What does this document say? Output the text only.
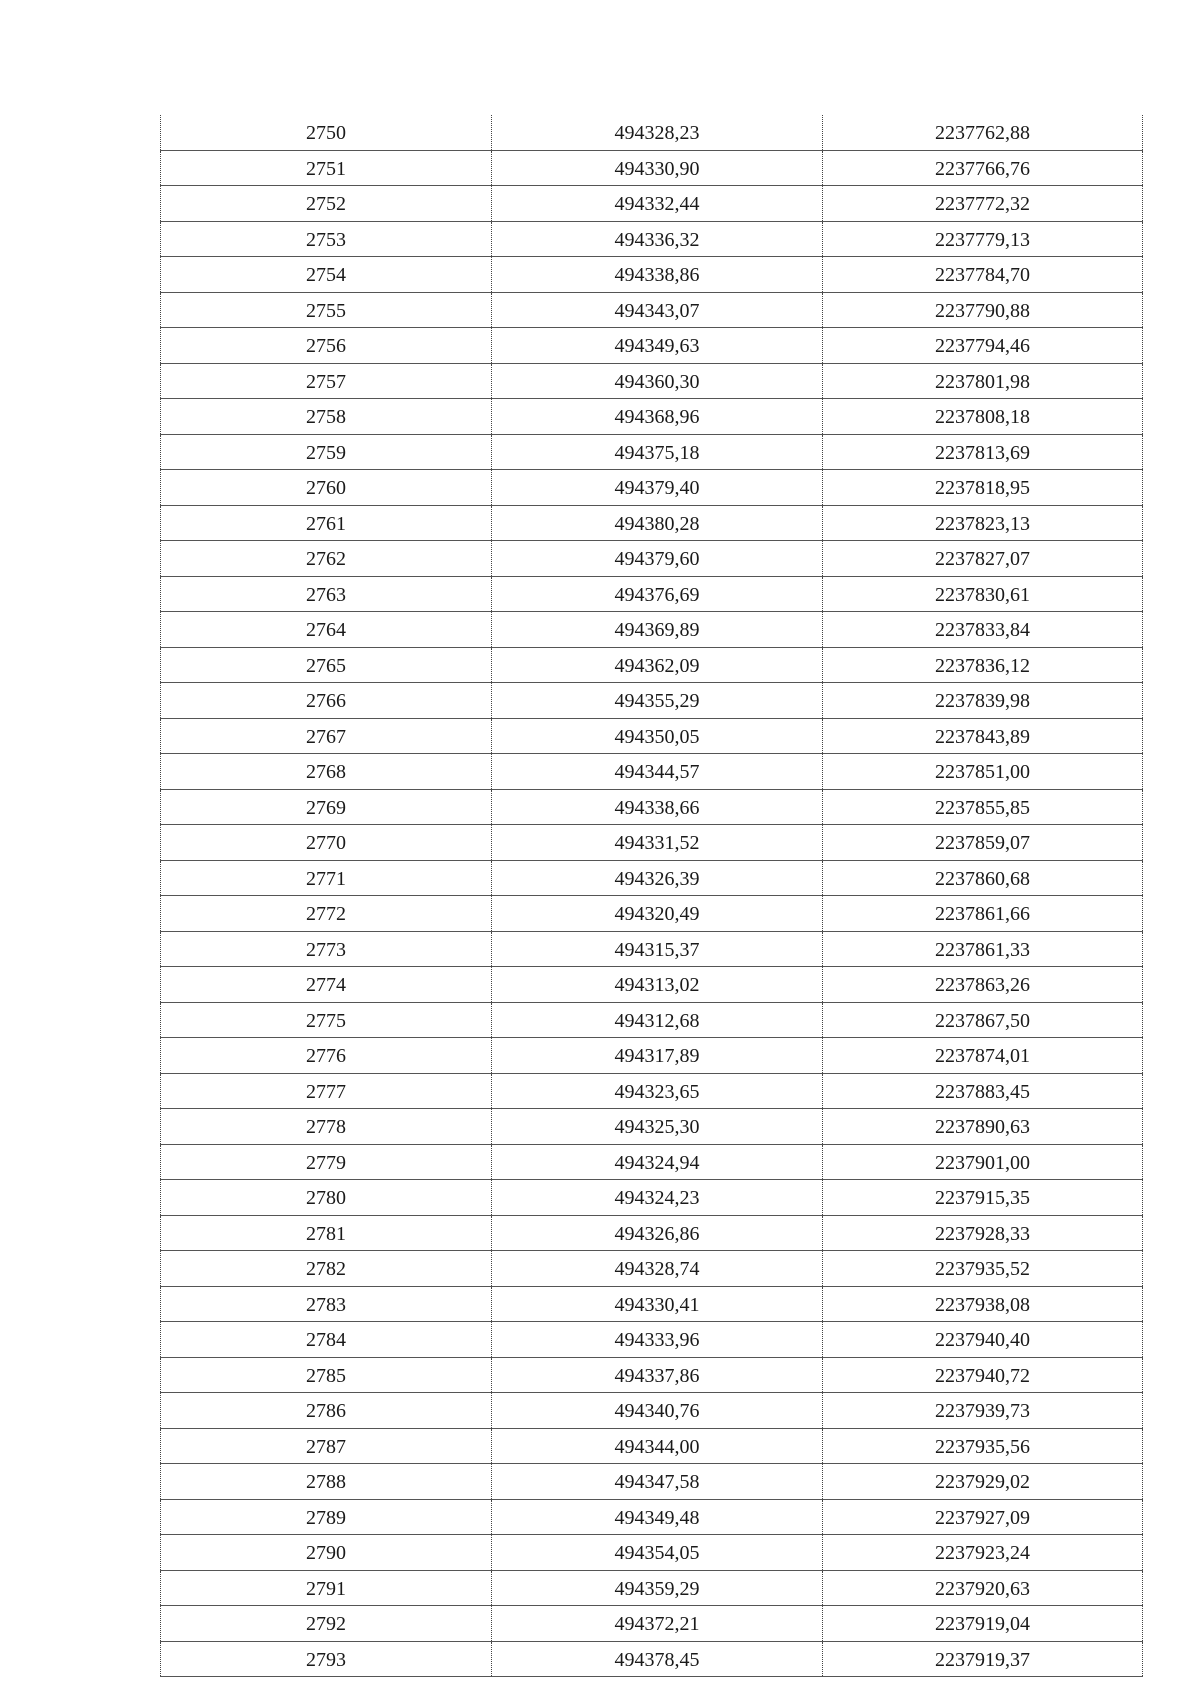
2750	494328,23	2237762,88
2751	494330,90	2237766,76
2752	494332,44	2237772,32
2753	494336,32	2237779,13
2754	494338,86	2237784,70
2755	494343,07	2237790,88
2756	494349,63	2237794,46
2757	494360,30	2237801,98
2758	494368,96	2237808,18
2759	494375,18	2237813,69
2760	494379,40	2237818,95
2761	494380,28	2237823,13
2762	494379,60	2237827,07
2763	494376,69	2237830,61
2764	494369,89	2237833,84
2765	494362,09	2237836,12
2766	494355,29	2237839,98
2767	494350,05	2237843,89
2768	494344,57	2237851,00
2769	494338,66	2237855,85
2770	494331,52	2237859,07
2771	494326,39	2237860,68
2772	494320,49	2237861,66
2773	494315,37	2237861,33
2774	494313,02	2237863,26
2775	494312,68	2237867,50
2776	494317,89	2237874,01
2777	494323,65	2237883,45
2778	494325,30	2237890,63
2779	494324,94	2237901,00
2780	494324,23	2237915,35
2781	494326,86	2237928,33
2782	494328,74	2237935,52
2783	494330,41	2237938,08
2784	494333,96	2237940,40
2785	494337,86	2237940,72
2786	494340,76	2237939,73
2787	494344,00	2237935,56
2788	494347,58	2237929,02
2789	494349,48	2237927,09
2790	494354,05	2237923,24
2791	494359,29	2237920,63
2792	494372,21	2237919,04
2793	494378,45	2237919,37
